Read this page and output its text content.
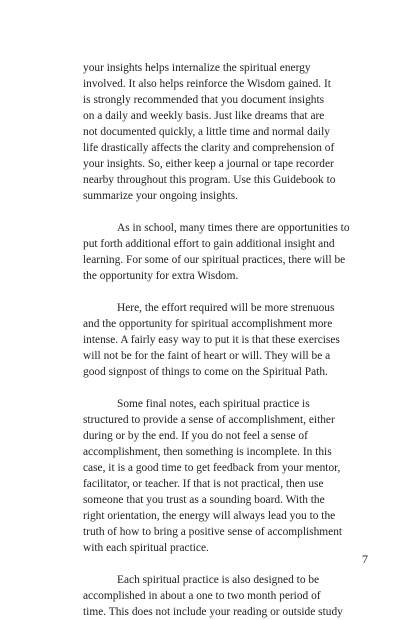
your insights helps internalize the spiritual energy
involved. It also helps reinforce the Wisdom gained. It
is strongly recommended that you document insights
on a daily and weekly basis. Just like dreams that are
not documented quickly, a little time and normal daily
life drastically affects the clarity and comprehension of
your insights. So, either keep a journal or tape recorder
nearby throughout this program. Use this Guidebook to
summarize your ongoing insights.
As in school, many times there are opportunities to
put forth additional effort to gain additional insight and
learning. For some of our spiritual practices, there will be
the opportunity for extra Wisdom.
Here, the effort required will be more strenuous
and the opportunity for spiritual accomplishment more
intense. A fairly easy way to put it is that these exercises
will not be for the faint of heart or will. They will be a
good signpost of things to come on the Spiritual Path.
Some final notes, each spiritual practice is
structured to provide a sense of accomplishment, either
during or by the end. If you do not feel a sense of
accomplishment, then something is incomplete. In this
case, it is a good time to get feedback from your mentor,
facilitator, or teacher. If that is not practical, then use
someone that you trust as a sounding board. With the
right orientation, the energy will always lead you to the
truth of how to bring a positive sense of accomplishment
with each spiritual practice.
Each spiritual practice is also designed to be
accomplished in about a one to two month period of
time. This does not include your reading or outside study
7
